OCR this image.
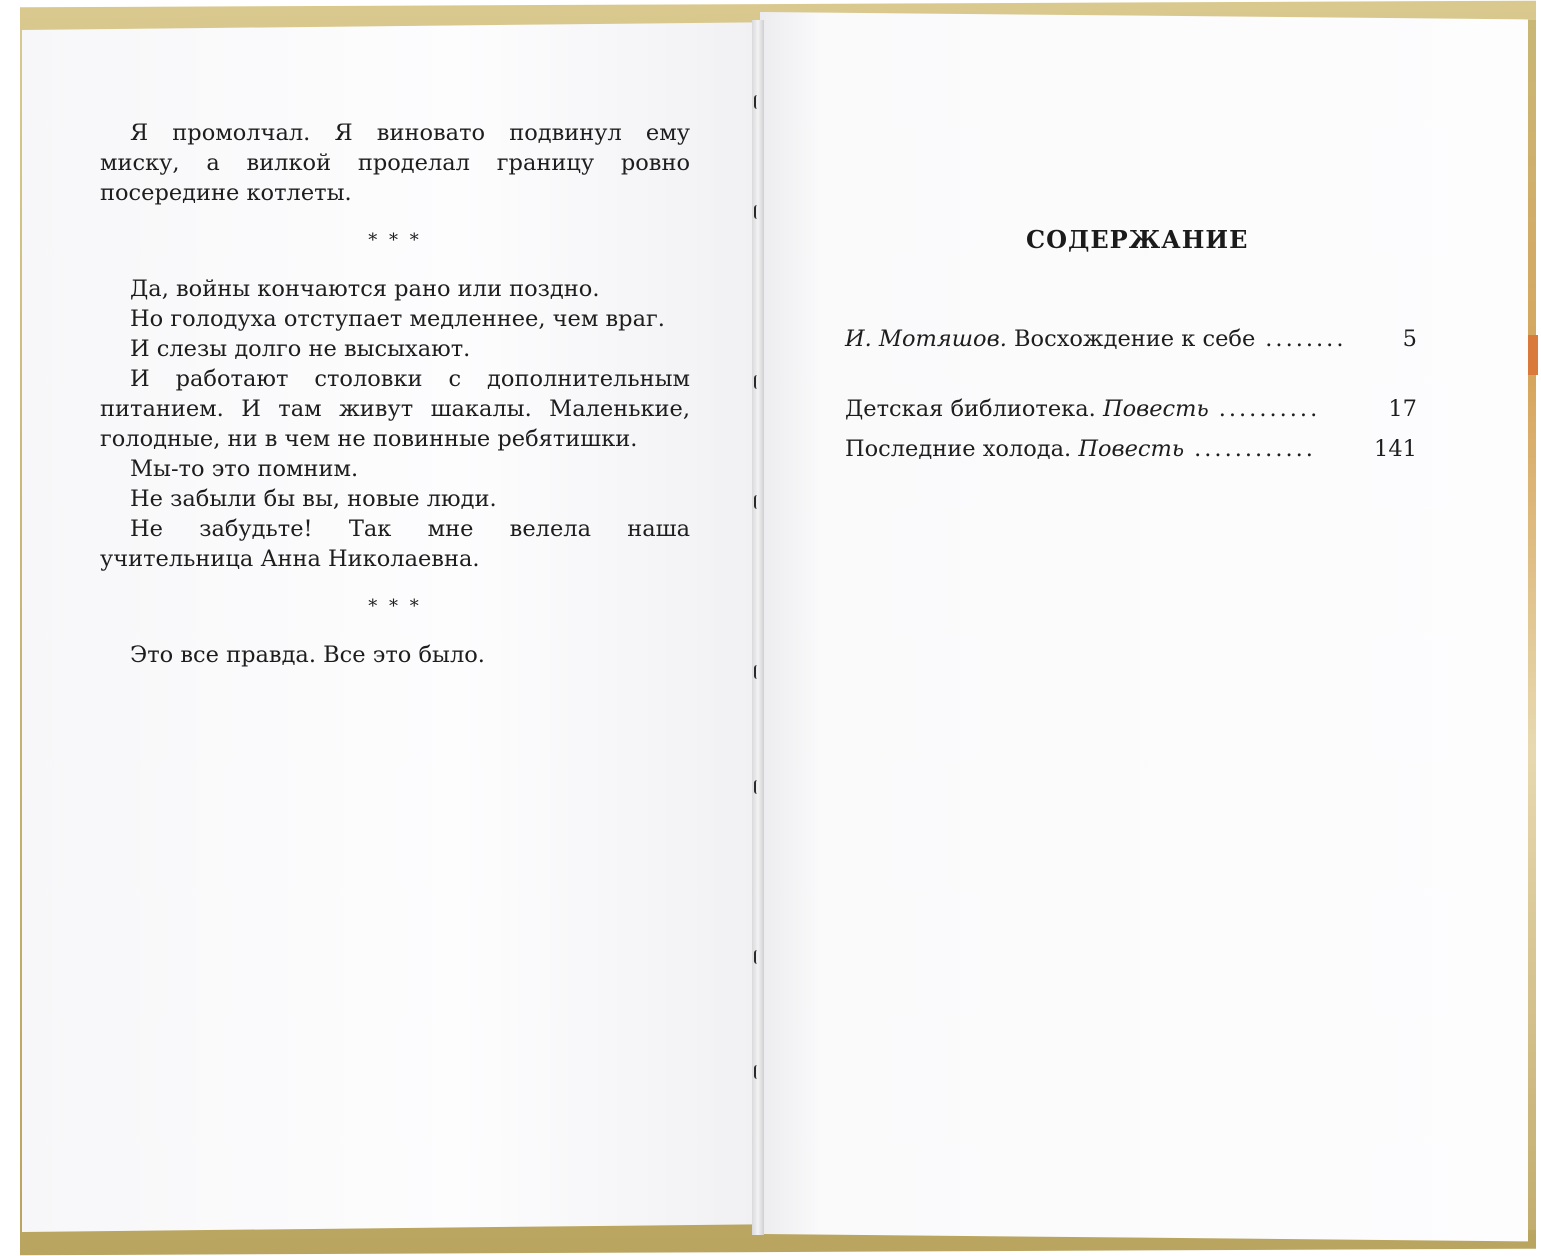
Я промолчал. Я виновато подвинул ему миску, а вилкой проделал границу ровно посередине котлеты.

* * *

Да, войны кончаются рано или поздно.

Но голодуха отступает медленнее, чем враг.

И слезы долго не высыхают.

И работают столовки с дополнительным питанием. И там живут шакалы. Маленькие, голодные, ни в чем не повинные ребятишки.

Мы-то это помним.

Не забыли бы вы, новые люди.

Не забудьте! Так мне велела наша учительница Анна Николаевна.

* * *

Это все правда. Все это было.

СОДЕРЖАНИЕ
И. Мотяшов. Восхождение к себе ........	5
Детская библиотека. Повесть ..........	17
Последние холода. Повесть ............	141
